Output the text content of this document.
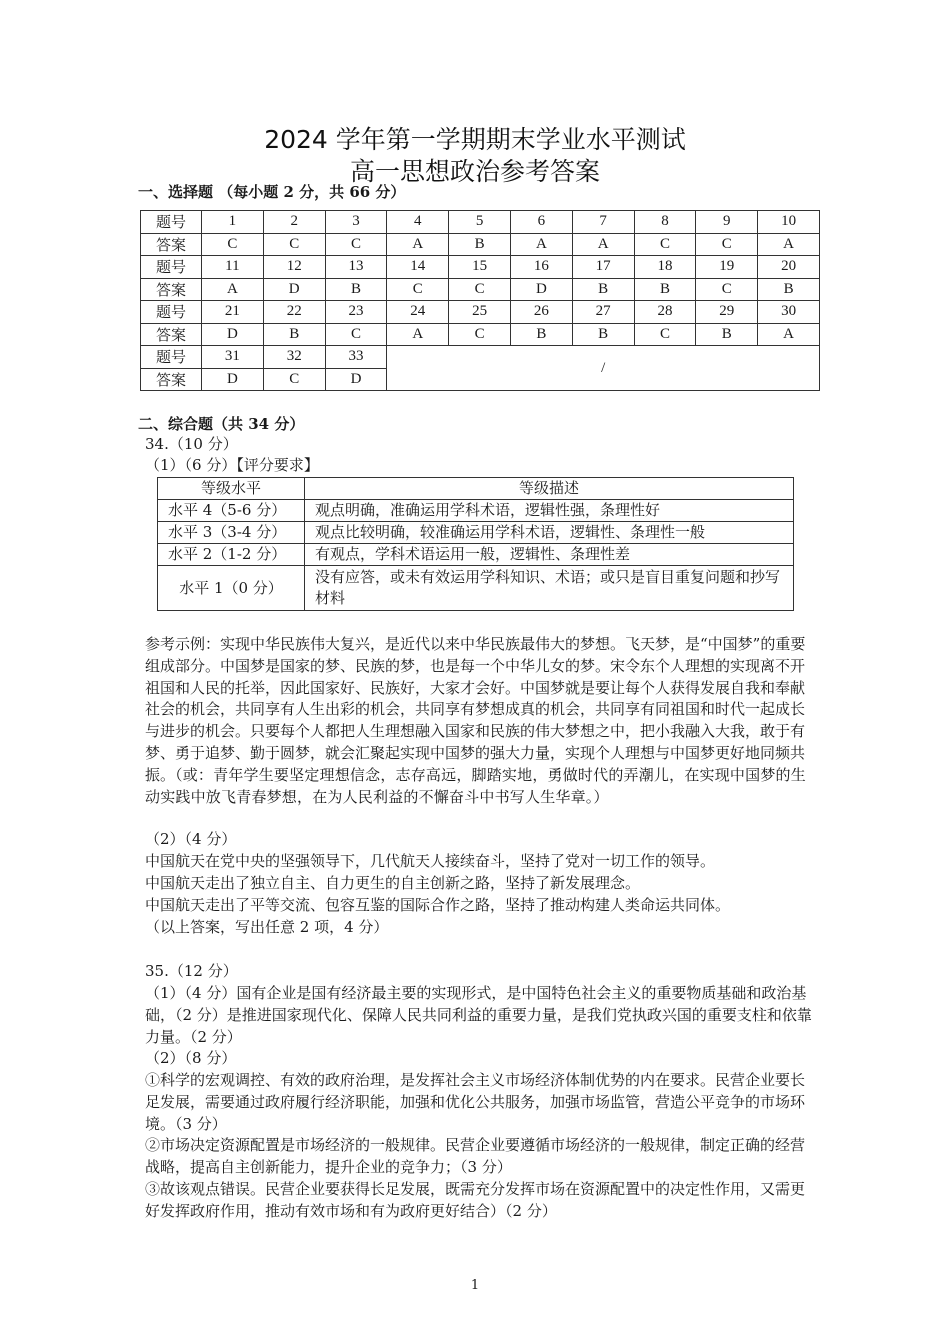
2024 学年第一学期期末学业水平测试
高一思想政治参考答案
一、选择题 （每小题 2 分，共 66 分）
题号	1	2	3	4	5	6	7	8	9	10
答案	C	C	C	A	B	A	A	C	C	A
题号	11	12	13	14	15	16	17	18	19	20
答案	A	D	B	C	C	D	B	B	C	B
题号	21	22	23	24	25	26	27	28	29	30
答案	D	B	C	A	C	B	B	C	B	A
题号	31	32	33	/						
答案	D	C	D							
二、综合题（共 34 分）
34.（10 分）
（1）（6 分）【评分要求】
等级水平	等级描述
水平 4（5-6 分）	观点明确，准确运用学科术语，逻辑性强，条理性好
水平 3（3-4 分）	观点比较明确，较准确运用学科术语，逻辑性、条理性一般
水平 2（1-2 分）	有观点，学科术语运用一般，逻辑性、条理性差
水平 1（0 分）	没有应答，或未有效运用学科知识、术语；或只是盲目重复问题和抄写材料
参考示例：实现中华民族伟大复兴，是近代以来中华民族最伟大的梦想。飞天梦，是“中国梦”的重要组成部分。中国梦是国家的梦、民族的梦，也是每一个中华儿女的梦。宋令东个人理想的实现离不开祖国和人民的托举，因此国家好、民族好，大家才会好。中国梦就是要让每个人获得发展自我和奉献社会的机会，共同享有人生出彩的机会，共同享有梦想成真的机会，共同享有同祖国和时代一起成长与进步的机会。只要每个人都把人生理想融入国家和民族的伟大梦想之中，把小我融入大我，敢于有梦、勇于追梦、勤于圆梦，就会汇聚起实现中国梦的强大力量，实现个人理想与中国梦更好地同频共振。（或：青年学生要坚定理想信念，志存高远，脚踏实地，勇做时代的弄潮儿，在实现中国梦的生动实践中放飞青春梦想，在为人民利益的不懈奋斗中书写人生华章。）
（2）（4 分）
中国航天在党中央的坚强领导下，几代航天人接续奋斗，坚持了党对一切工作的领导。
中国航天走出了独立自主、自力更生的自主创新之路，坚持了新发展理念。
中国航天走出了平等交流、包容互鉴的国际合作之路，坚持了推动构建人类命运共同体。
（以上答案，写出任意 2 项，4 分）
35.（12 分）
（1）（4 分）国有企业是国有经济最主要的实现形式，是中国特色社会主义的重要物质基础和政治基础，（2 分）是推进国家现代化、保障人民共同利益的重要力量，是我们党执政兴国的重要支柱和依靠力量。（2 分）
（2）（8 分）
①科学的宏观调控、有效的政府治理，是发挥社会主义市场经济体制优势的内在要求。民营企业要长足发展，需要通过政府履行经济职能，加强和优化公共服务，加强市场监管，营造公平竞争的市场环境。（3 分）
②市场决定资源配置是市场经济的一般规律。民营企业要遵循市场经济的一般规律，制定正确的经营战略，提高自主创新能力，提升企业的竞争力；（3 分）
③故该观点错误。民营企业要获得长足发展，既需充分发挥市场在资源配置中的决定性作用，又需更好发挥政府作用，推动有效市场和有为政府更好结合）（2 分）
1
